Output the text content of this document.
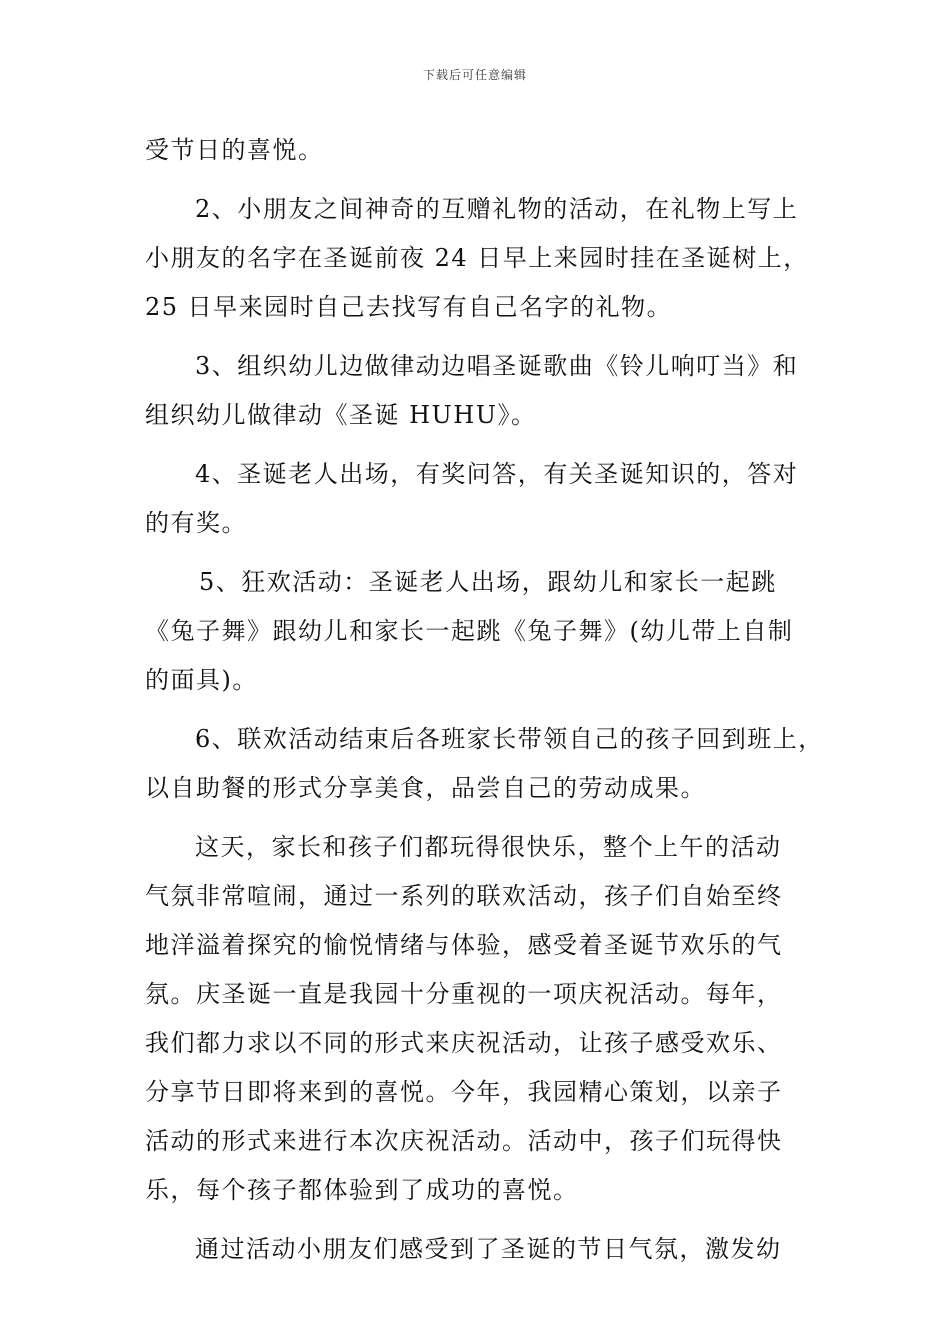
下载后可任意编辑
受节日的喜悦。
2、小朋友之间神奇的互赠礼物的活动，在礼物上写上
小朋友的名字在圣诞前夜 24 日早上来园时挂在圣诞树上，
25 日早来园时自己去找写有自己名字的礼物。
3、组织幼儿边做律动边唱圣诞歌曲《铃儿响叮当》和
组织幼儿做律动《圣诞 HUHU》。
4、圣诞老人出场，有奖问答，有关圣诞知识的，答对
的有奖。
5、狂欢活动：圣诞老人出场，跟幼儿和家长一起跳
《兔子舞》跟幼儿和家长一起跳《兔子舞》(幼儿带上自制
的面具)。
6、联欢活动结束后各班家长带领自己的孩子回到班上，
以自助餐的形式分享美食，品尝自己的劳动成果。
这天，家长和孩子们都玩得很快乐，整个上午的活动
气氛非常喧闹，通过一系列的联欢活动，孩子们自始至终
地洋溢着探究的愉悦情绪与体验，感受着圣诞节欢乐的气
氛。庆圣诞一直是我园十分重视的一项庆祝活动。每年，
我们都力求以不同的形式来庆祝活动，让孩子感受欢乐、
分享节日即将来到的喜悦。今年，我园精心策划，以亲子
活动的形式来进行本次庆祝活动。活动中，孩子们玩得快
乐，每个孩子都体验到了成功的喜悦。
通过活动小朋友们感受到了圣诞的节日气氛，激发幼
